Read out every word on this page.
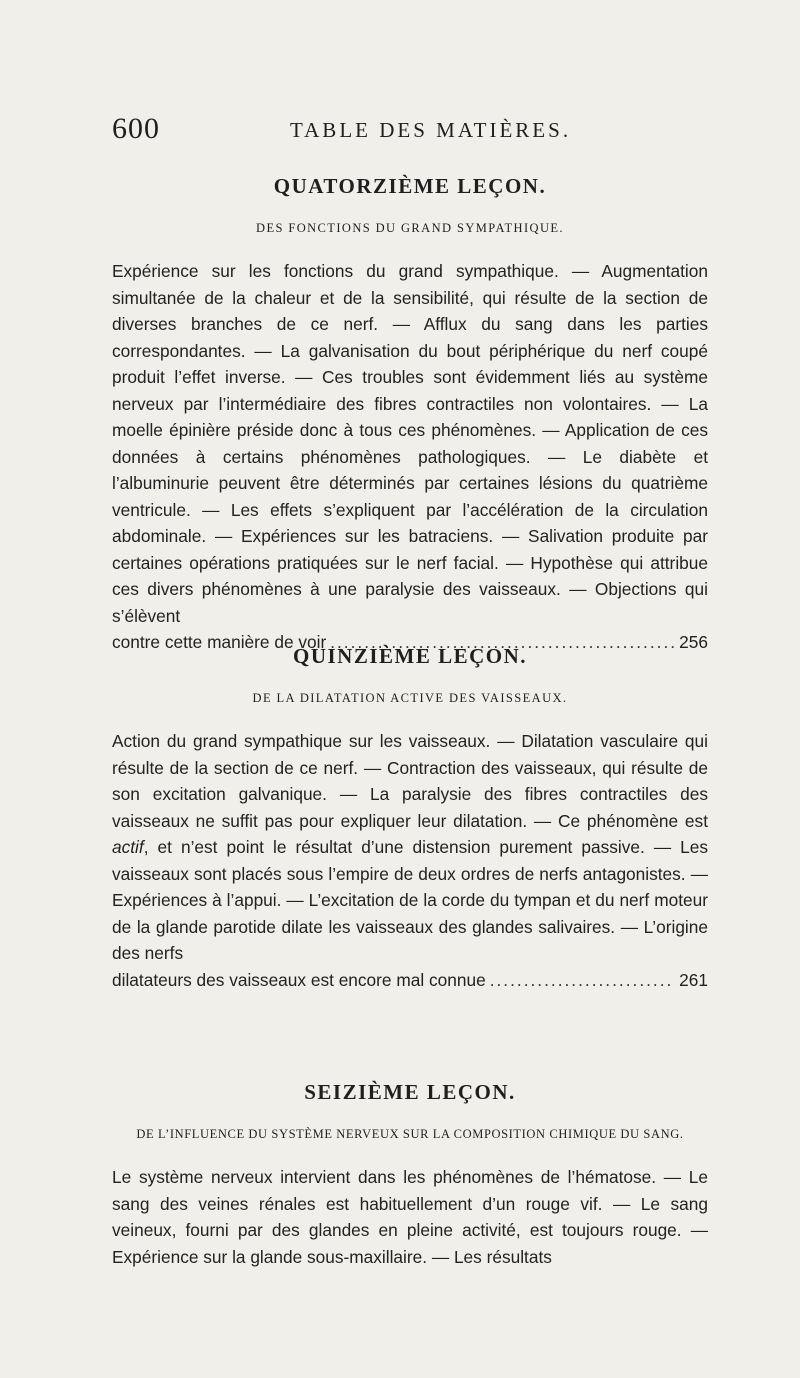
600	TABLE DES MATIÈRES.
QUATORZIÈME LEÇON.
DES FONCTIONS DU GRAND SYMPATHIQUE.

Expérience sur les fonctions du grand sympathique. — Augmentation simultanée de la chaleur et de la sensibilité, qui résulte de la section de diverses branches de ce nerf. — Afflux du sang dans les parties correspondantes. — La galvanisation du bout périphérique du nerf coupé produit l’effet inverse. — Ces troubles sont évidemment liés au système nerveux par l’intermédiaire des fibres contractiles non volontaires. — La moelle épinière préside donc à tous ces phénomènes. — Application de ces données à certains phénomènes pathologiques. — Le diabète et l’albuminurie peuvent être déterminés par certaines lésions du quatrième ventricule. — Les effets s’expliquent par l’accélération de la circulation abdominale. — Expériences sur les batraciens. — Salivation produite par certaines opérations pratiquées sur le nerf facial. — Hypothèse qui attribue ces divers phénomènes à une paralysie des vaisseaux. — Objections qui s’élèvent

contre cette manière de voir .....	256
QUINZIÈME LEÇON.
DE LA DILATATION ACTIVE DES VAISSEAUX.

Action du grand sympathique sur les vaisseaux. — Dilatation vasculaire qui résulte de la section de ce nerf. — Contraction des vaisseaux, qui résulte de son excitation galvanique. — La paralysie des fibres contractiles des vaisseaux ne suffit pas pour expliquer leur dilatation. — Ce phénomène est actif, et n’est point le résultat d’une distension purement passive. — Les vaisseaux sont placés sous l’empire de deux ordres de nerfs antagonistes. — Expériences à l’appui. — L’excitation de la corde du tympan et du nerf moteur de la glande parotide dilate les vaisseaux des glandes salivaires. — L’origine des nerfs

dilatateurs des vaisseaux est encore mal connue .....	261
SEIZIÈME LEÇON.
DE L’INFLUENCE DU SYSTÈME NERVEUX SUR LA COMPOSITION CHIMIQUE DU SANG.

Le système nerveux intervient dans les phénomènes de l’hématose. — Le sang des veines rénales est habituellement d’un rouge vif. — Le sang veineux, fourni par des glandes en pleine activité, est toujours rouge. — Expérience sur la glande sous-maxillaire. — Les résultats
